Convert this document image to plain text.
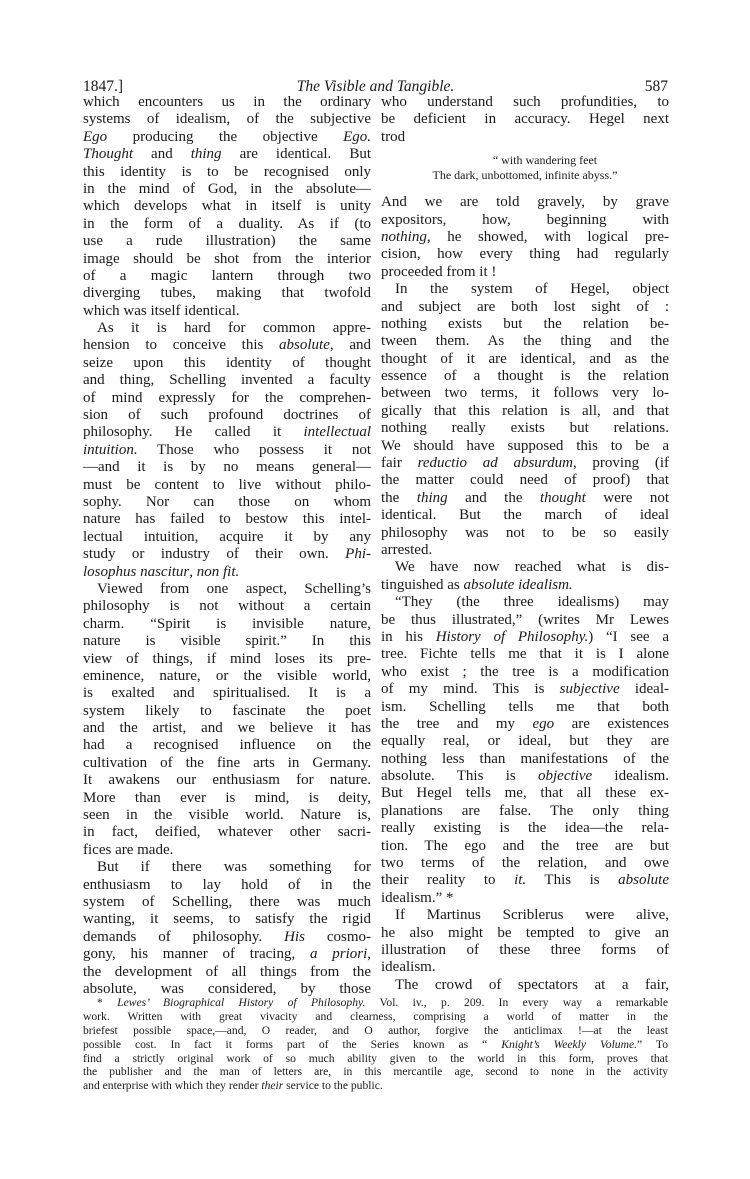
1847.]	The Visible and Tangible.	587
which encounters us in the ordinary
systems of idealism, of the subjective
Ego producing the objective Ego.
Thought and thing are identical. But
this identity is to be recognised only
in the mind of God, in the absolute—
which develops what in itself is unity
in the form of a duality. As if (to
use a rude illustration) the same
image should be shot from the interior
of a magic lantern through two
diverging tubes, making that twofold
which was itself identical.
As it is hard for common appre-
hension to conceive this absolute, and
seize upon this identity of thought
and thing, Schelling invented a faculty
of mind expressly for the comprehen-
sion of such profound doctrines of
philosophy. He called it intellectual
intuition. Those who possess it not
—and it is by no means general—
must be content to live without philo-
sophy. Nor can those on whom
nature has failed to bestow this intel-
lectual intuition, acquire it by any
study or industry of their own. Phi-
losophus nascitur, non fit.
Viewed from one aspect, Schelling’s
philosophy is not without a certain
charm. “Spirit is invisible nature,
nature is visible spirit.” In this
view of things, if mind loses its pre-
eminence, nature, or the visible world,
is exalted and spiritualised. It is a
system likely to fascinate the poet
and the artist, and we believe it has
had a recognised influence on the
cultivation of the fine arts in Germany.
It awakens our enthusiasm for nature.
More than ever is mind, is deity,
seen in the visible world. Nature is,
in fact, deified, whatever other sacri-
fices are made.
But if there was something for
enthusiasm to lay hold of in the
system of Schelling, there was much
wanting, it seems, to satisfy the rigid
demands of philosophy. His cosmo-
gony, his manner of tracing, a priori,
the development of all things from the
absolute, was considered, by those
who understand such profundities, to
be deficient in accuracy. Hegel next
trod
“ with wandering feet
The dark, unbottomed, infinite abyss.”
And we are told gravely, by grave
expositors, how, beginning with
nothing, he showed, with logical pre-
cision, how every thing had regularly
proceeded from it !
In the system of Hegel, object
and subject are both lost sight of :
nothing exists but the relation be-
tween them. As the thing and the
thought of it are identical, and as the
essence of a thought is the relation
between two terms, it follows very lo-
gically that this relation is all, and that
nothing really exists but relations.
We should have supposed this to be a
fair reductio ad absurdum, proving (if
the matter could need of proof) that
the thing and the thought were not
identical. But the march of ideal
philosophy was not to be so easily
arrested.
We have now reached what is dis-
tinguished as absolute idealism.
“They (the three idealisms) may
be thus illustrated,” (writes Mr Lewes
in his History of Philosophy.) “I see a
tree. Fichte tells me that it is I alone
who exist ; the tree is a modification
of my mind. This is subjective ideal-
ism. Schelling tells me that both
the tree and my ego are existences
equally real, or ideal, but they are
nothing less than manifestations of the
absolute. This is objective idealism.
But Hegel tells me, that all these ex-
planations are false. The only thing
really existing is the idea—the rela-
tion. The ego and the tree are but
two terms of the relation, and owe
their reality to it. This is absolute
idealism.” *
If Martinus Scriblerus were alive,
he also might be tempted to give an
illustration of these three forms of
idealism.
The crowd of spectators at a fair,
* Lewes’ Biographical History of Philosophy. Vol. iv., p. 209. In every way a remarkable
work. Written with great vivacity and clearness, comprising a world of matter in the
briefest possible space,—and, O reader, and O author, forgive the anticlimax !—at the least
possible cost. In fact it forms part of the Series known as “ Knight’s Weekly Volume.” To
find a strictly original work of so much ability given to the world in this form, proves that
the publisher and the man of letters are, in this mercantile age, second to none in the activity
and enterprise with which they render their service to the public.
